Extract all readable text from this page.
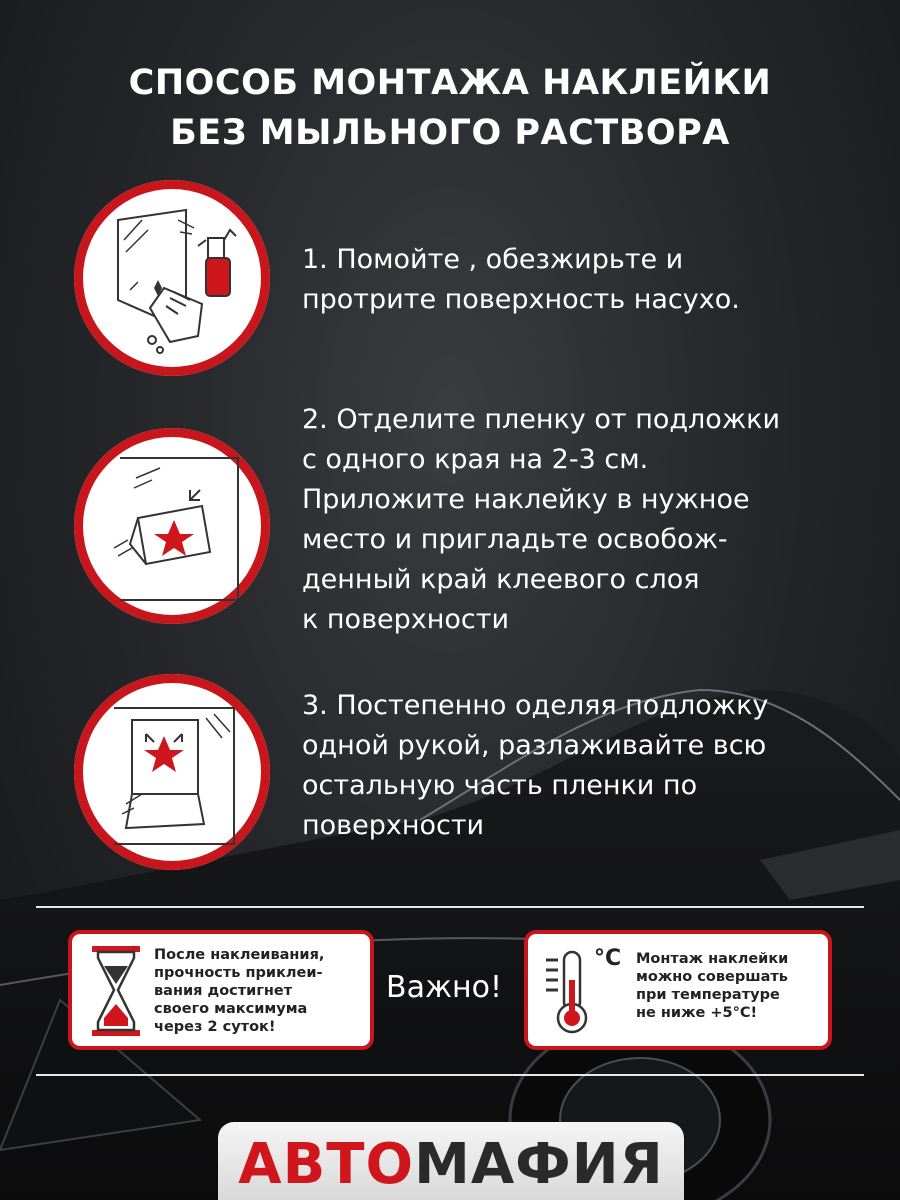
СПОСОБ МОНТАЖА НАКЛЕЙКИ
БЕЗ МЫЛЬНОГО РАСТВОРА
1. Помойте , обезжирьте и
протрите поверхность насухо.
2. Отделите пленку от подложки
с одного края на 2-3 см.
Приложите наклейку в нужное
место и пригладьте освобож-
денный край клеевого слоя
к поверхности
3. Постепенно оделяя подложку
одной рукой, разлаживайте всю
остальную часть пленки по
поверхности
После наклеивания,
прочность приклеи-
вания достигнет
своего максимума
через 2 суток!
Важно!
°C Монтаж наклейки
можно совершать
при температуре
не ниже +5°С!
АВТОМАФИЯ
